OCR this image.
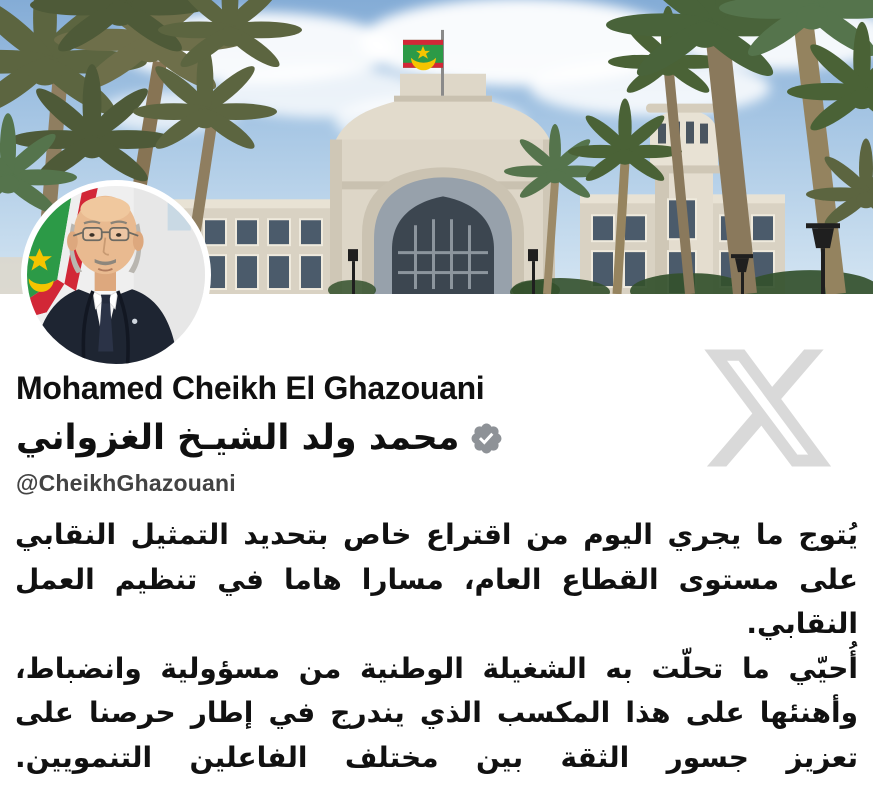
Mohamed Cheikh El Ghazouani
محمد ولد الشيـخ الغزواني
@CheikhGhazouani
يُتوج ما يجري اليوم من اقتراع خاص بتحديد التمثيل النقابي
على مستوى القطاع العام، مسارا هاما في تنظيم العمل
النقابي.
أُحيّي ما تحلّت به الشغيلة الوطنية من مسؤولية وانضباط،
وأهنئها على هذا المكسب الذي يندرج في إطار حرصنا على
تعزيز جسور الثقة بين مختلف الفاعلين التنمويين.
